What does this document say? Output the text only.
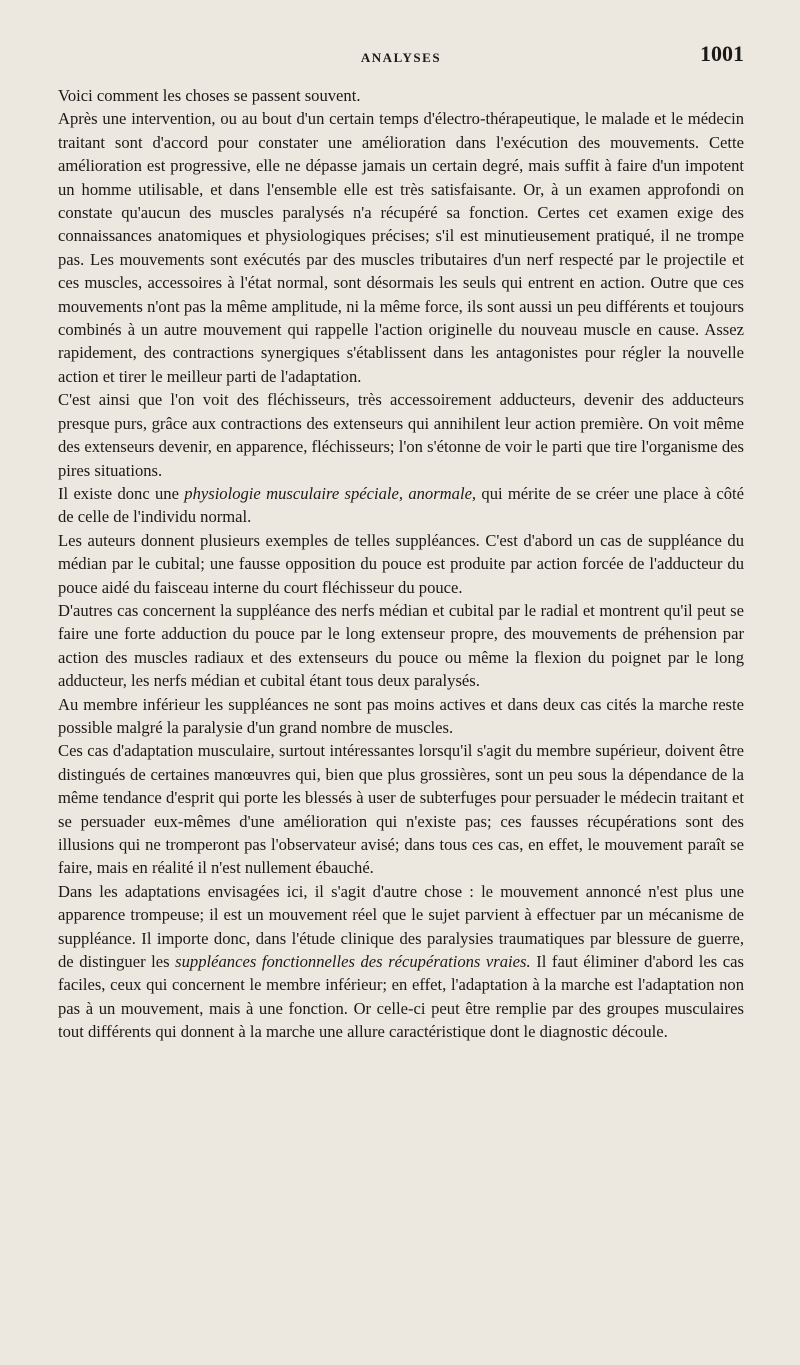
ANALYSES	1001

Voici comment les choses se passent souvent.

Après une intervention, ou au bout d'un certain temps d'électro-thérapeutique, le malade et le médecin traitant sont d'accord pour constater une amélioration dans l'exécution des mouvements. Cette amélioration est progressive, elle ne dépasse jamais un certain degré, mais suffit à faire d'un impotent un homme utilisable, et dans l'ensemble elle est très satisfaisante. Or, à un examen approfondi on constate qu'aucun des muscles paralysés n'a récupéré sa fonction. Certes cet examen exige des connaissances anatomiques et physiologiques précises; s'il est minutieusement pratiqué, il ne trompe pas. Les mouvements sont exécutés par des muscles tributaires d'un nerf respecté par le projectile et ces muscles, accessoires à l'état normal, sont désormais les seuls qui entrent en action. Outre que ces mouvements n'ont pas la même amplitude, ni la même force, ils sont aussi un peu différents et toujours combinés à un autre mouvement qui rappelle l'action originelle du nouveau muscle en cause. Assez rapidement, des contractions synergiques s'établissent dans les antagonistes pour régler la nouvelle action et tirer le meilleur parti de l'adaptation.

C'est ainsi que l'on voit des fléchisseurs, très accessoirement adducteurs, devenir des adducteurs presque purs, grâce aux contractions des extenseurs qui annihilent leur action première. On voit même des extenseurs devenir, en apparence, fléchisseurs; l'on s'étonne de voir le parti que tire l'organisme des pires situations.

Il existe donc une physiologie musculaire spéciale, anormale, qui mérite de se créer une place à côté de celle de l'individu normal.

Les auteurs donnent plusieurs exemples de telles suppléances. C'est d'abord un cas de suppléance du médian par le cubital; une fausse opposition du pouce est produite par action forcée de l'adducteur du pouce aidé du faisceau interne du court fléchisseur du pouce.

D'autres cas concernent la suppléance des nerfs médian et cubital par le radial et montrent qu'il peut se faire une forte adduction du pouce par le long extenseur propre, des mouvements de préhension par action des muscles radiaux et des extenseurs du pouce ou même la flexion du poignet par le long adducteur, les nerfs médian et cubital étant tous deux paralysés.

Au membre inférieur les suppléances ne sont pas moins actives et dans deux cas cités la marche reste possible malgré la paralysie d'un grand nombre de muscles.

Ces cas d'adaptation musculaire, surtout intéressantes lorsqu'il s'agit du membre supérieur, doivent être distingués de certaines manœuvres qui, bien que plus grossières, sont un peu sous la dépendance de la même tendance d'esprit qui porte les blessés à user de subterfuges pour persuader le médecin traitant et se persuader eux-mêmes d'une amélioration qui n'existe pas; ces fausses récupérations sont des illusions qui ne tromperont pas l'observateur avisé; dans tous ces cas, en effet, le mouvement paraît se faire, mais en réalité il n'est nullement ébauché.

Dans les adaptations envisagées ici, il s'agit d'autre chose : le mouvement annoncé n'est plus une apparence trompeuse; il est un mouvement réel que le sujet parvient à effectuer par un mécanisme de suppléance. Il importe donc, dans l'étude clinique des paralysies traumatiques par blessure de guerre, de distinguer les suppléances fonctionnelles des récupérations vraies. Il faut éliminer d'abord les cas faciles, ceux qui concernent le membre inférieur; en effet, l'adaptation à la marche est l'adaptation non pas à un mouvement, mais à une fonction. Or celle-ci peut être remplie par des groupes musculaires tout différents qui donnent à la marche une allure caractéristique dont le diagnostic découle.
